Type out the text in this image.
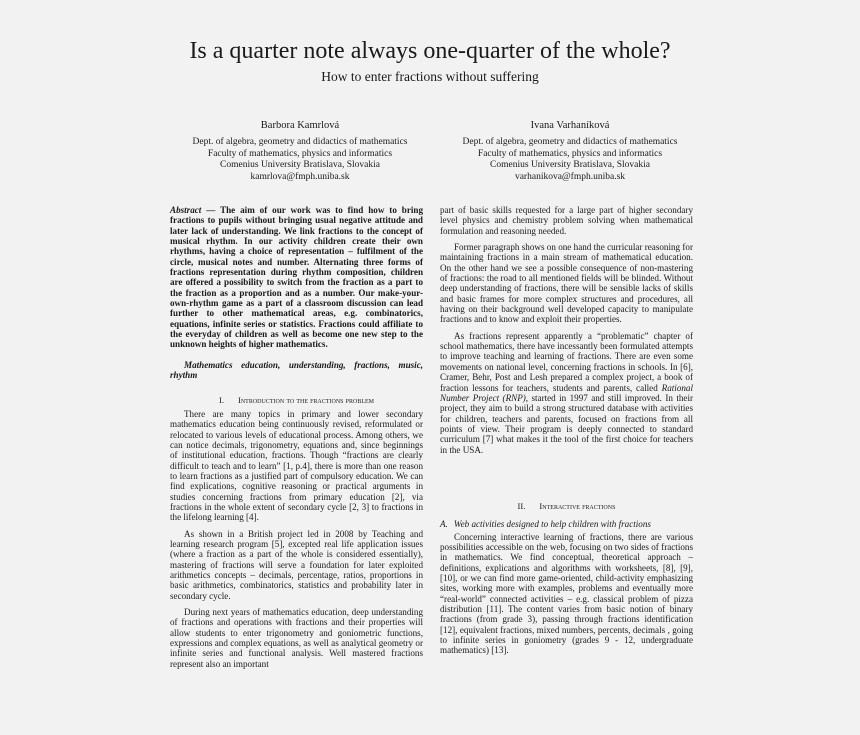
Is a quarter note always one-quarter of the whole?
How to enter fractions without suffering
Barbora Kamrlová
Dept. of algebra, geometry and didactics of mathematics
Faculty of mathematics, physics and informatics
Comenius University Bratislava, Slovakia
kamrlova@fmph.uniba.sk
Ivana Varhaníková
Dept. of algebra, geometry and didactics of mathematics
Faculty of mathematics, physics and informatics
Comenius University Bratislava, Slovakia
varhanikova@fmph.uniba.sk

Abstract — The aim of our work was to find how to bring fractions to pupils without bringing usual negative attitude and later lack of understanding. We link fractions to the concept of musical rhythm. In our activity children create their own rhythms, having a choice of representation – fulfilment of the circle, musical notes and number. Alternating three forms of fractions representation during rhythm composition, children are offered a possibility to switch from the fraction as a part to the fraction as a proportion and as a number. Our make-your-own-rhythm game as a part of a classroom discussion can lead further to other mathematical areas, e.g. combinatorics, equations, infinite series or statistics. Fractions could affiliate to the everyday of children as well as become one new step to the unknown heights of higher mathematics.

Mathematics education, understanding, fractions, music, rhythm

I. Introduction to the fractions problem

There are many topics in primary and lower secondary mathematics education being continuously revised, reformulated or relocated to various levels of educational process. Among others, we can notice decimals, trigonometry, equations and, since beginnings of institutional education, fractions. Though “fractions are clearly difficult to teach and to learn” [1, p.4], there is more than one reason to learn fractions as a justified part of compulsory education. We can find explications, cognitive reasoning or practical arguments in studies concerning fractions from primary education [2], via fractions in the whole extent of secondary cycle [2, 3] to fractions in the lifelong learning [4].

As shown in a British project led in 2008 by Teaching and learning research program [5], excepted real life application issues (where a fraction as a part of the whole is considered essentially), mastering of fractions will serve a foundation for later exploited arithmetics concepts – decimals, percentage, ratios, proportions in basic arithmetics, combinatorics, statistics and probability later in secondary cycle.

During next years of mathematics education, deep understanding of fractions and operations with fractions and their properties will allow students to enter trigonometry and goniometric functions, expressions and complex equations, as well as analytical geometry or infinite series and functional analysis. Well mastered fractions represent also an important

part of basic skills requested for a large part of higher secondary level physics and chemistry problem solving when mathematical formulation and reasoning needed.

Former paragraph shows on one hand the curricular reasoning for maintaining fractions in a main stream of mathematical education. On the other hand we see a possible consequence of non-mastering of fractions: the road to all mentioned fields will be blinded. Without deep understanding of fractions, there will be sensible lacks of skills and basic frames for more complex structures and procedures, all having on their background well developed capacity to manipulate fractions and to know and exploit their properties.

As fractions represent apparently a “problematic” chapter of school mathematics, there have incessantly been formulated attempts to improve teaching and learning of fractions. There are even some movements on national level, concerning fractions in schools. In [6], Cramer, Behr, Post and Lesh prepared a complex project, a book of fraction lessons for teachers, students and parents, called Rational Number Project (RNP), started in 1997 and still improved. In their project, they aim to build a strong structured database with activities for children, teachers and parents, focused on fractions from all points of view. Their program is deeply connected to standard curriculum [7] what makes it the tool of the first choice for teachers in the USA.

II. Interactive fractions
A. Web activities designed to help children with fractions

Concerning interactive learning of fractions, there are various possibilities accessible on the web, focusing on two sides of fractions in mathematics. We find conceptual, theoretical approach – definitions, explications and algorithms with worksheets, [8], [9], [10], or we can find more game-oriented, child-activity emphasizing sites, working more with examples, problems and eventually more “real-world” connected activities – e.g. classical problem of pizza distribution [11]. The content varies from basic notion of binary fractions (from grade 3), passing through fractions identification [12], equivalent fractions, mixed numbers, percents, decimals , going to infinite series in goniometry (grades 9 - 12, undergraduate mathematics) [13].
